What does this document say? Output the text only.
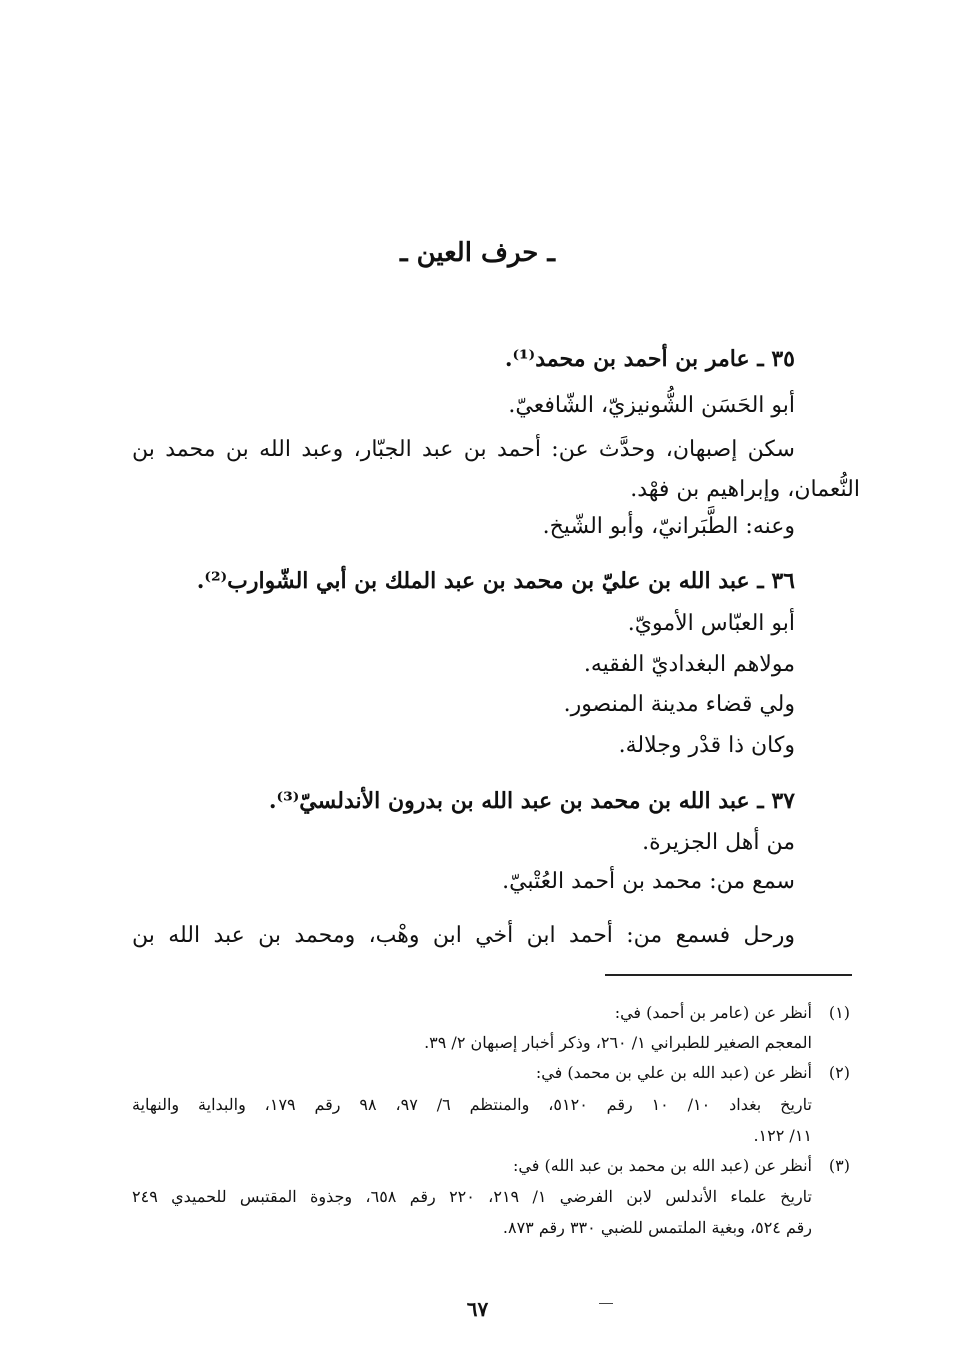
ـ حرف العين ـ
٣٥ ـ عامر بن أحمد بن محمد⁽¹⁾.
أبو الحَسَن الشُّونيزيّ، الشّافعيّ.
سكن إصبهان، وحدَّث عن: أحمد بن عبد الجبّار، وعبد الله بن محمد بن
النُّعمان، وإبراهيم بن فهْد.
وعنه: الطَّبَرانيّ، وأبو الشّيخ.
٣٦ ـ عبد الله بن عليّ بن محمد بن عبد الملك بن أبي الشّوارب⁽²⁾.
أبو العبّاس الأمويّ.
مولاهم البغداديّ الفقيه.
ولي قضاء مدينة المنصور.
وكان ذا قدْر وجلالة.
٣٧ ـ عبد الله بن محمد بن عبد الله بن بدرون الأندلسيّ⁽³⁾.
من أهل الجزيرة.
سمع من: محمد بن أحمد العُتْبيّ.
ورحل فسمع من: أحمد ابن أخي ابن وهْب، ومحمد بن عبد الله بن
(١)
أنظر عن (عامر بن أحمد) في:
المعجم الصغير للطبراني ١/ ٢٦٠، وذكر أخبار إصبهان ٢/ ٣٩.
(٢)
أنظر عن (عبد الله بن علي بن محمد) في:
تاريخ بغداد ١٠/ ١٠ رقم ٥١٢٠، والمنتظم ٦/ ٩٧، ٩٨ رقم ١٧٩، والبداية والنهاية
١١/ ١٢٢.
(٣)
أنظر عن (عبد الله بن محمد بن عبد الله) في:
تاريخ علماء الأندلس لابن الفرضي ١/ ٢١٩، ٢٢٠ رقم ٦٥٨، وجذوة المقتبس للحميدي ٢٤٩
رقم ٥٢٤، وبغية الملتمس للضبي ٣٣٠ رقم ٨٧٣.
٦٧
